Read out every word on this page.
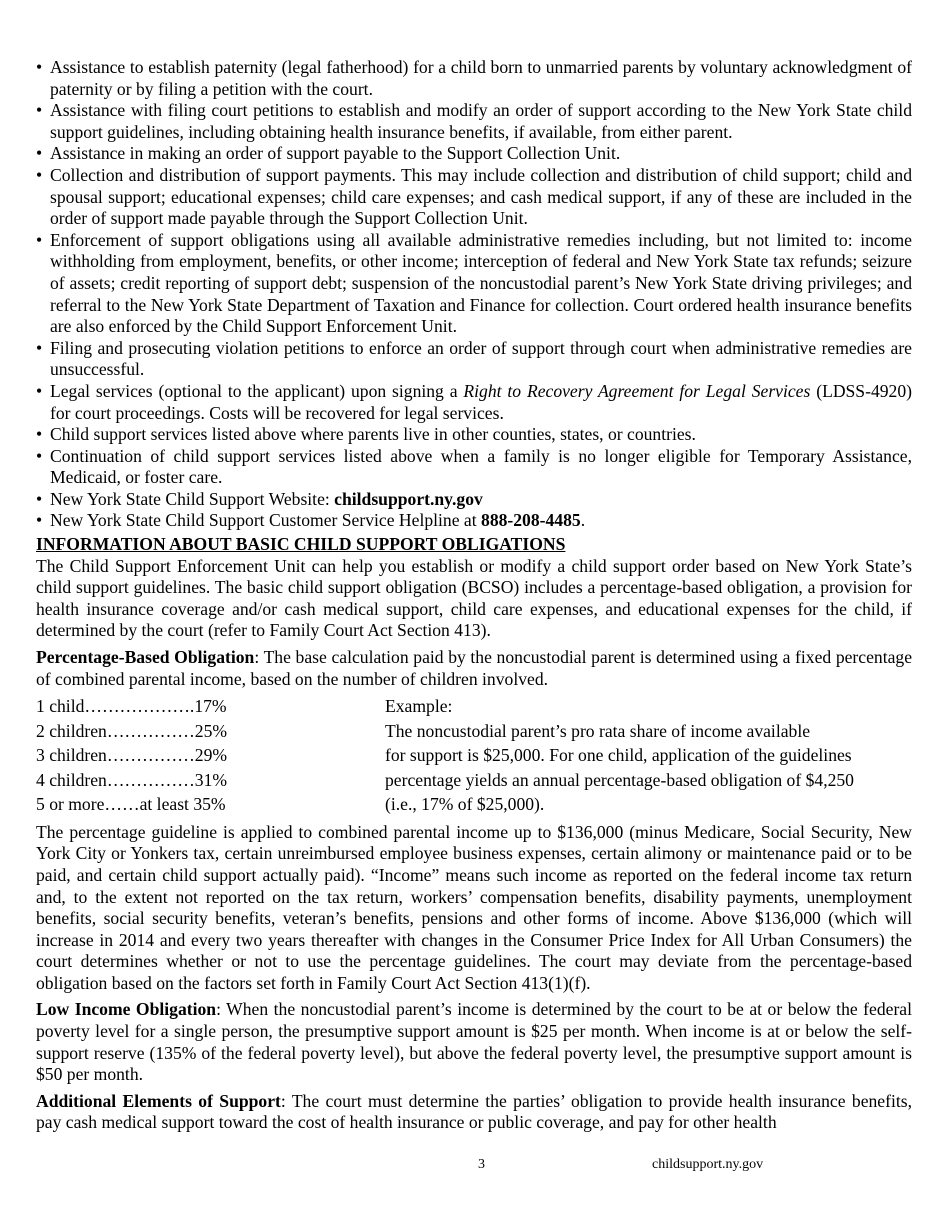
• Assistance to establish paternity (legal fatherhood) for a child born to unmarried parents by voluntary acknowledgment of paternity or by filing a petition with the court.
• Assistance with filing court petitions to establish and modify an order of support according to the New York State child support guidelines, including obtaining health insurance benefits, if available, from either parent.
• Assistance in making an order of support payable to the Support Collection Unit.
• Collection and distribution of support payments. This may include collection and distribution of child support; child and spousal support; educational expenses; child care expenses; and cash medical support, if any of these are included in the order of support made payable through the Support Collection Unit.
• Enforcement of support obligations using all available administrative remedies including, but not limited to: income withholding from employment, benefits, or other income; interception of federal and New York State tax refunds; seizure of assets; credit reporting of support debt; suspension of the noncustodial parent’s New York State driving privileges; and referral to the New York State Department of Taxation and Finance for collection. Court ordered health insurance benefits are also enforced by the Child Support Enforcement Unit.
• Filing and prosecuting violation petitions to enforce an order of support through court when administrative remedies are unsuccessful.
• Legal services (optional to the applicant) upon signing a Right to Recovery Agreement for Legal Services (LDSS-4920) for court proceedings. Costs will be recovered for legal services.
• Child support services listed above where parents live in other counties, states, or countries.
• Continuation of child support services listed above when a family is no longer eligible for Temporary Assistance, Medicaid, or foster care.
• New York State Child Support Website: childsupport.ny.gov
• New York State Child Support Customer Service Helpline at 888-208-4485.
INFORMATION ABOUT BASIC CHILD SUPPORT OBLIGATIONS

The Child Support Enforcement Unit can help you establish or modify a child support order based on New York State’s child support guidelines. The basic child support obligation (BCSO) includes a percentage-based obligation, a provision for health insurance coverage and/or cash medical support, child care expenses, and educational expenses for the child, if determined by the court (refer to Family Court Act Section 413).

Percentage-Based Obligation: The base calculation paid by the noncustodial parent is determined using a fixed percentage of combined parental income, based on the number of children involved.

1 child……………….17%	Example:
2 children……………25%	The noncustodial parent’s pro rata share of income available
3 children……………29%	for support is $25,000. For one child, application of the guidelines
4 children……………31%	percentage yields an annual percentage-based obligation of $4,250
5 or more……at least 35%	(i.e., 17% of $25,000).

The percentage guideline is applied to combined parental income up to $136,000 (minus Medicare, Social Security, New York City or Yonkers tax, certain unreimbursed employee business expenses, certain alimony or maintenance paid or to be paid, and certain child support actually paid). “Income” means such income as reported on the federal income tax return and, to the extent not reported on the tax return, workers’ compensation benefits, disability payments, unemployment benefits, social security benefits, veteran’s benefits, pensions and other forms of income. Above $136,000 (which will increase in 2014 and every two years thereafter with changes in the Consumer Price Index for All Urban Consumers) the court determines whether or not to use the percentage guidelines. The court may deviate from the percentage-based obligation based on the factors set forth in Family Court Act Section 413(1)(f).

Low Income Obligation: When the noncustodial parent’s income is determined by the court to be at or below the federal poverty level for a single person, the presumptive support amount is $25 per month. When income is at or below the self-support reserve (135% of the federal poverty level), but above the federal poverty level, the presumptive support amount is $50 per month.

Additional Elements of Support: The court must determine the parties’ obligation to provide health insurance benefits, pay cash medical support toward the cost of health insurance or public coverage, and pay for other health

3	childsupport.ny.gov
